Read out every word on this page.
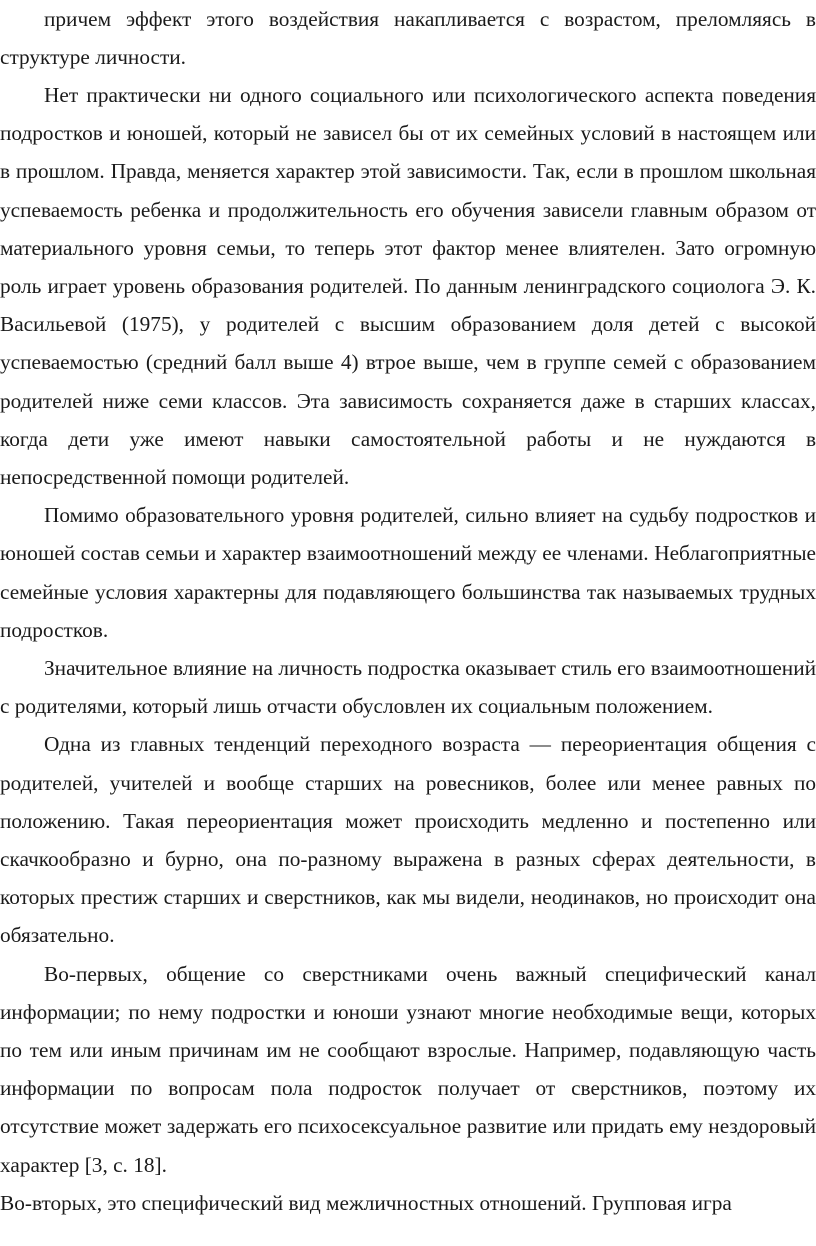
причем эффект этого воздействия накапливается с возрастом, преломляясь в структуре личности.

Нет практически ни одного социального или психологического аспекта поведения подростков и юношей, который не зависел бы от их семейных условий в настоящем или в прошлом. Правда, меняется характер этой зависимости. Так, если в прошлом школьная успеваемость ребенка и продолжительность его обучения зависели главным образом от материального уровня семьи, то теперь этот фактор менее влиятелен. Зато огромную роль играет уровень образования родителей. По данным ленинградского социолога Э. К. Васильевой (1975), у родителей с высшим образованием доля детей с высокой успеваемостью (средний балл выше 4) втрое выше, чем в группе семей с образованием родителей ниже семи классов. Эта зависимость сохраняется даже в старших классах, когда дети уже имеют навыки самостоятельной работы и не нуждаются в непосредственной помощи родителей.

Помимо образовательного уровня родителей, сильно влияет на судьбу подростков и юношей состав семьи и характер взаимоотношений между ее членами. Неблагоприятные семейные условия характерны для подавляющего большинства так называемых трудных подростков.

Значительное влияние на личность подростка оказывает стиль его взаимоотношений с родителями, который лишь отчасти обусловлен их социальным положением.

Одна из главных тенденций переходного возраста — переориентация общения с родителей, учителей и вообще старших на ровесников, более или менее равных по положению. Такая переориентация может происходить медленно и постепенно или скачкообразно и бурно, она по-разному выражена в разных сферах деятельности, в которых престиж старших и сверстников, как мы видели, неодинаков, но происходит она обязательно.

Во-первых, общение со сверстниками очень важный специфический канал информации; по нему подростки и юноши узнают многие необходимые вещи, которых по тем или иным причинам им не сообщают взрослые. Например, подавляющую часть информации по вопросам пола подросток получает от сверстников, поэтому их отсутствие может задержать его психосексуальное развитие или придать ему нездоровый характер [3, с. 18].

Во-вторых, это специфический вид межличностных отношений. Групповая игра
